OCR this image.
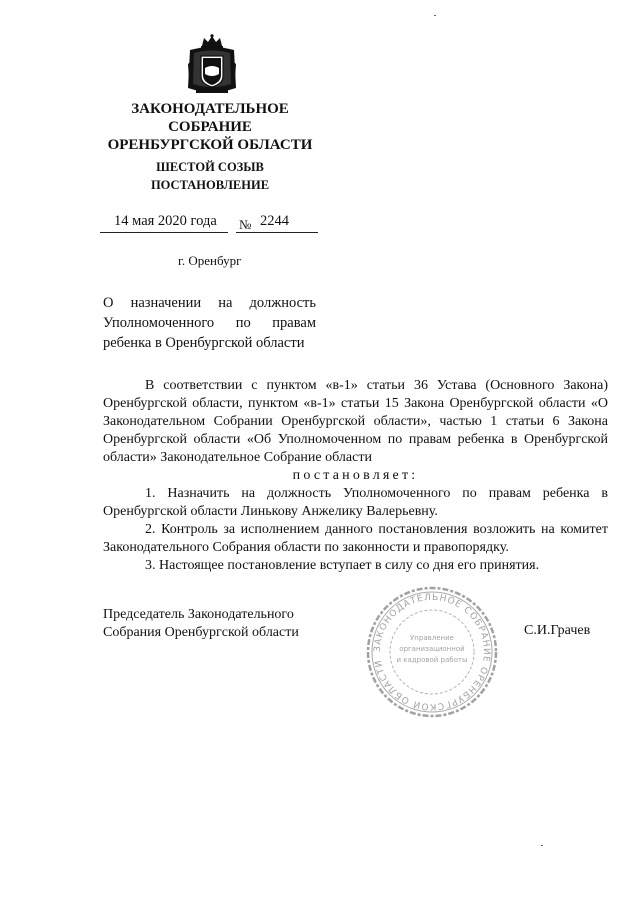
ЗАКОНОДАТЕЛЬНОЕ
СОБРАНИЕ
ОРЕНБУРГСКОЙ ОБЛАСТИ
ШЕСТОЙ СОЗЫВ
ПОСТАНОВЛЕНИЕ
14 мая 2020 года № 2244
г. Оренбург
О назначении на должность
Уполномоченного по правам
ребенка в Оренбургской области

В соответствии с пунктом «в-1» статьи 36 Устава (Основного Закона) Оренбургской области, пунктом «в-1» статьи 15 Закона Оренбургской области «О Законодательном Собрании Оренбургской области», частью 1 статьи 6 Закона Оренбургской области «Об Уполномоченном по правам ребенка в Оренбургской области» Законодательное Собрание области

постановляет:

1. Назначить на должность Уполномоченного по правам ребенка в Оренбургской области Линькову Анжелику Валерьевну.

2. Контроль за исполнением данного постановления возложить на комитет Законодательного Собрания области по законности и правопорядку.

3. Настоящее постановление вступает в силу со дня его принятия.

Председатель Законодательного
Собрания Оренбургской области
ЗАКОНОДАТЕЛЬНОЕ СОБРАНИЕ ОРЕНБУРГСКОЙ ОБЛАСТИ
Управление
организационной
и кадровой работы
С.И.Грачев
